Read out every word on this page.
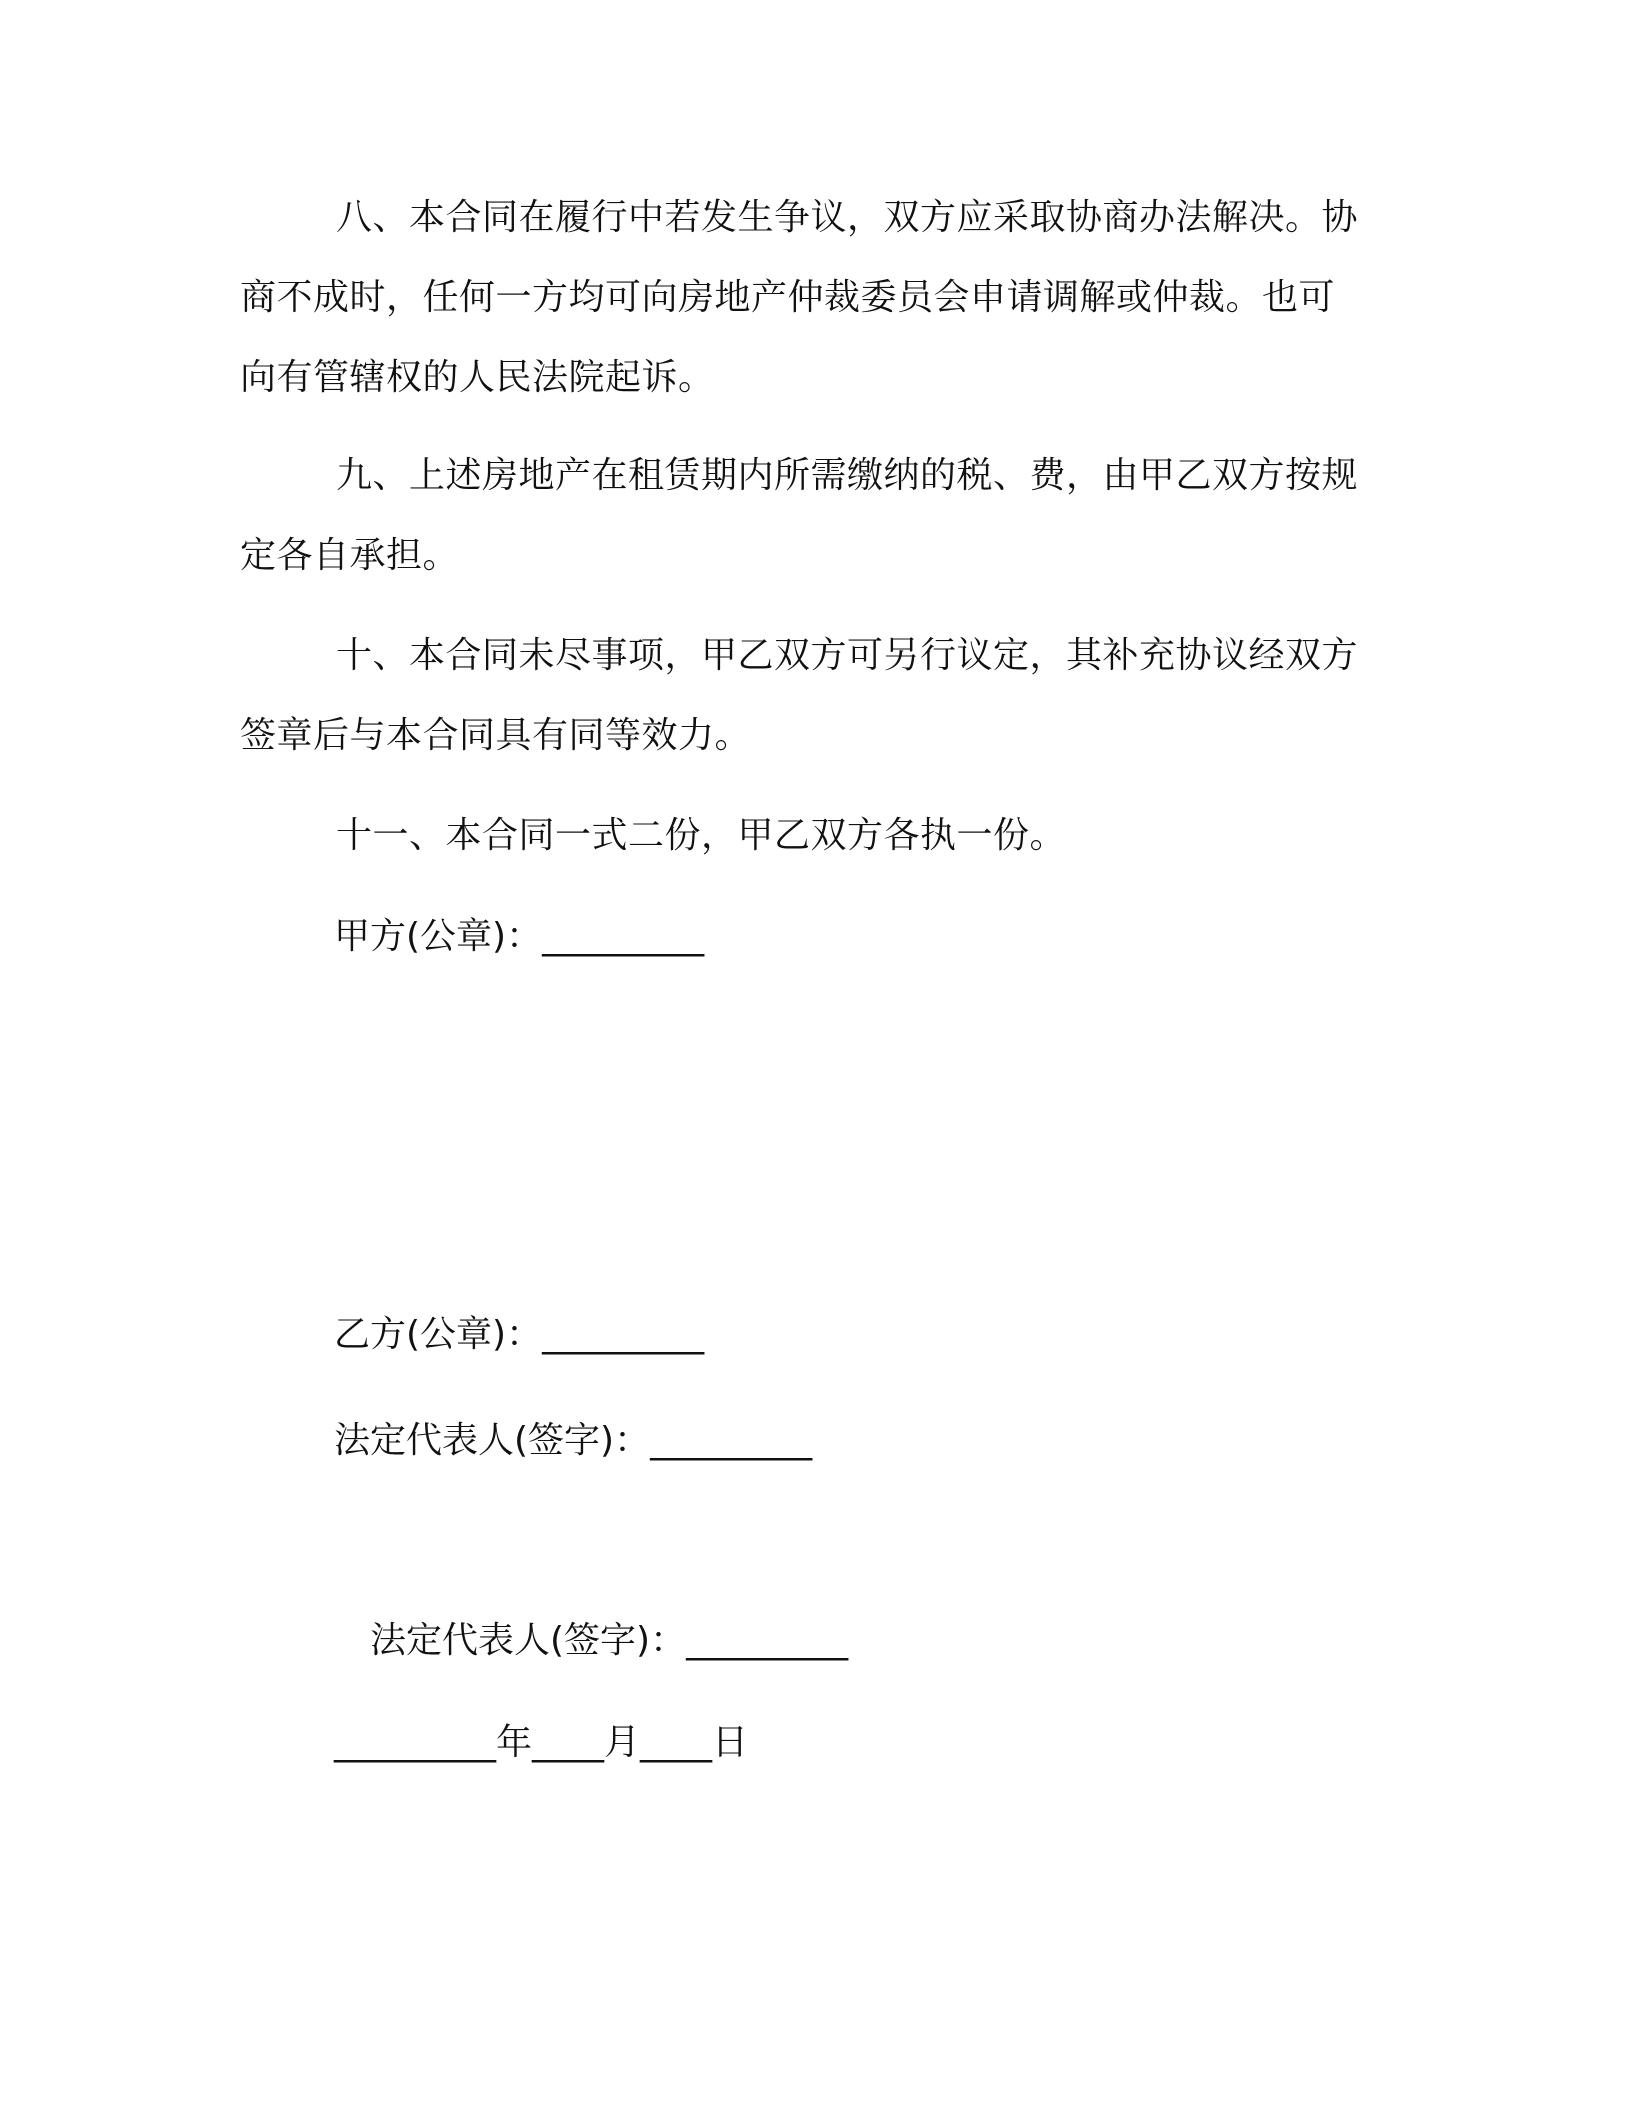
八、本合同在履行中若发生争议，双方应采取协商办法解决。协商不成时，任何一方均可向房地产仲裁委员会申请调解或仲裁。也可向有管辖权的人民法院起诉。

九、上述房地产在租赁期内所需缴纳的税、费，由甲乙双方按规定各自承担。

十、本合同未尽事项，甲乙双方可另行议定，其补充协议经双方签章后与本合同具有同等效力。

十一、本合同一式二份，甲乙双方各执一份。

甲方(公章)：_________

乙方(公章)：_________

法定代表人(签字)：_________

法定代表人(签字)：_________

_________年____月____日
